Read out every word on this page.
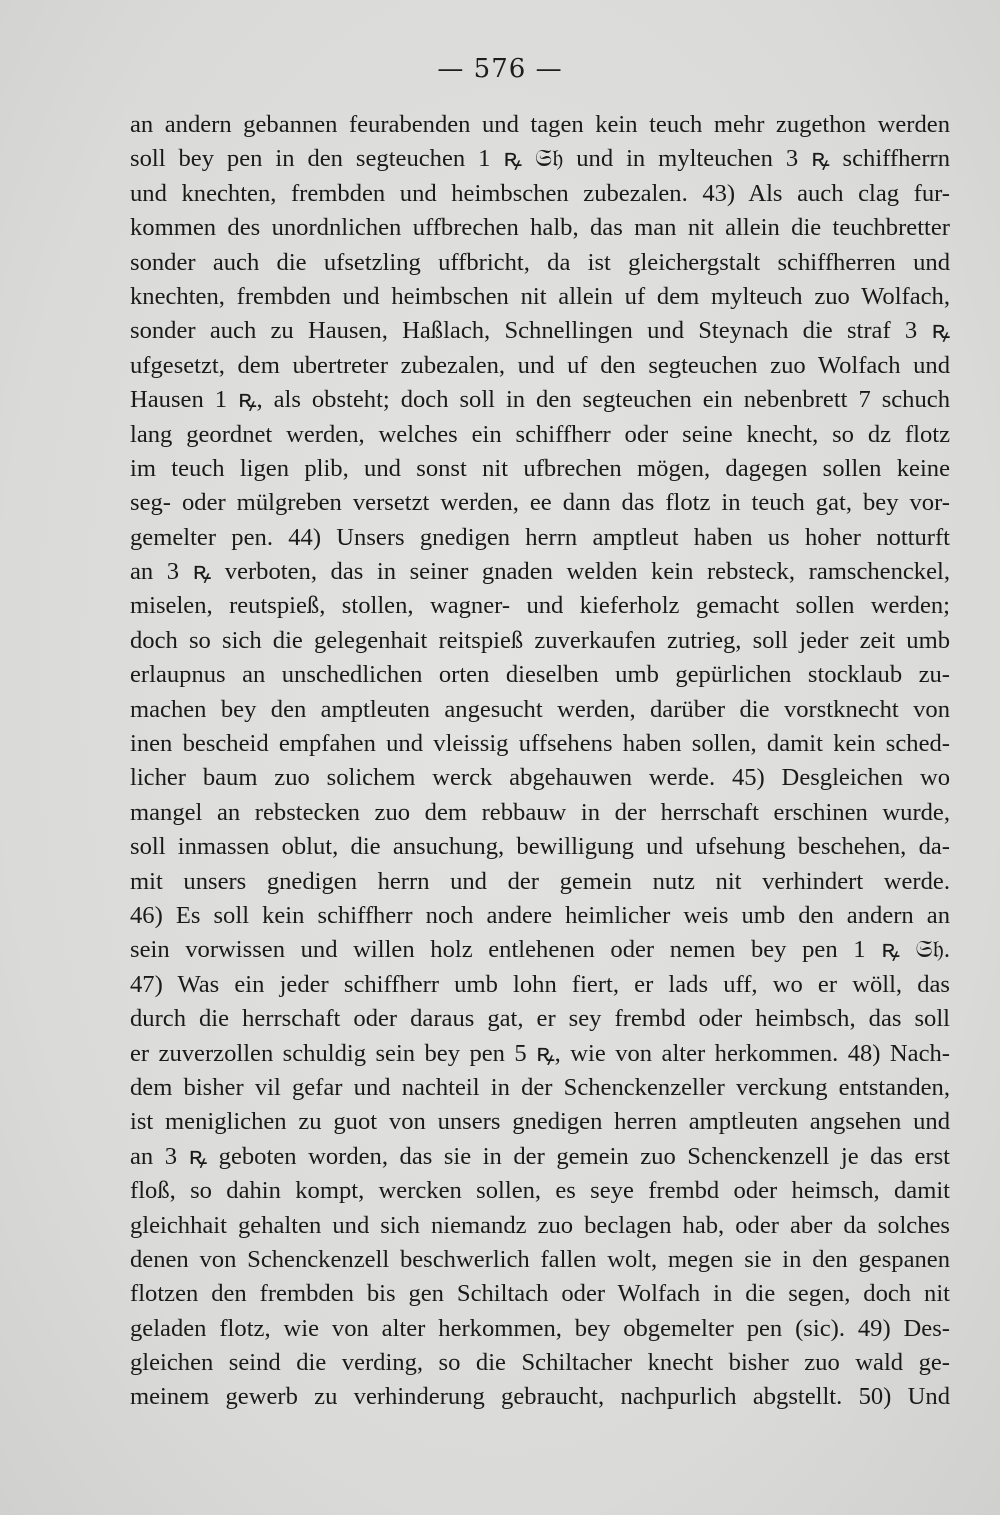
— 576 —
an andern gebannen feurabenden und tagen kein teuch mehr zugethon werden
soll bey pen in den segteuchen 1 ꝶ 𝔖𝔥 und in mylteuchen 3 ꝶ schiffherrn
und knechten, frembden und heimbschen zubezalen. 43) Als auch clag fur-
kommen des unordnlichen uffbrechen halb, das man nit allein die teuchbretter
sonder auch die ufsetzling uffbricht, da ist gleichergstalt schiffherren und
knechten, frembden und heimbschen nit allein uf dem mylteuch zuo Wolfach,
sonder auch zu Hausen, Haßlach, Schnellingen und Steynach die straf 3 ꝶ
ufgesetzt, dem ubertreter zubezalen, und uf den segteuchen zuo Wolfach und
Hausen 1 ꝶ, als obsteht; doch soll in den segteuchen ein nebenbrett 7 schuch
lang geordnet werden, welches ein schiffherr oder seine knecht, so dz flotz
im teuch ligen plib, und sonst nit ufbrechen mögen, dagegen sollen keine
seg- oder mülgreben versetzt werden, ee dann das flotz in teuch gat, bey vor-
gemelter pen. 44) Unsers gnedigen herrn amptleut haben us hoher notturft
an 3 ꝶ verboten, das in seiner gnaden welden kein rebsteck, ramschenckel,
miselen, reutspieß, stollen, wagner- und kieferholz gemacht sollen werden;
doch so sich die gelegenhait reitspieß zuverkaufen zutrieg, soll jeder zeit umb
erlaupnus an unschedlichen orten dieselben umb gepürlichen stocklaub zu-
machen bey den amptleuten angesucht werden, darüber die vorstknecht von
inen bescheid empfahen und vleissig uffsehens haben sollen, damit kein sched-
licher baum zuo solichem werck abgehauwen werde. 45) Desgleichen wo
mangel an rebstecken zuo dem rebbauw in der herrschaft erschinen wurde,
soll inmassen oblut, die ansuchung, bewilligung und ufsehung beschehen, da-
mit unsers gnedigen herrn und der gemein nutz nit verhindert werde.
46) Es soll kein schiffherr noch andere heimlicher weis umb den andern an
sein vorwissen und willen holz entlehenen oder nemen bey pen 1 ꝶ 𝔖𝔥.
47) Was ein jeder schiffherr umb lohn fiert, er lads uff, wo er wöll, das
durch die herrschaft oder daraus gat, er sey frembd oder heimbsch, das soll
er zuverzollen schuldig sein bey pen 5 ꝶ, wie von alter herkommen. 48) Nach-
dem bisher vil gefar und nachteil in der Schenckenzeller verckung entstanden,
ist meniglichen zu guot von unsers gnedigen herren amptleuten angsehen und
an 3 ꝶ geboten worden, das sie in der gemein zuo Schenckenzell je das erst
floß, so dahin kompt, wercken sollen, es seye frembd oder heimsch, damit
gleichhait gehalten und sich niemandz zuo beclagen hab, oder aber da solches
denen von Schenckenzell beschwerlich fallen wolt, megen sie in den gespanen
flotzen den frembden bis gen Schiltach oder Wolfach in die segen, doch nit
geladen flotz, wie von alter herkommen, bey obgemelter pen (sic). 49) Des-
gleichen seind die verding, so die Schiltacher knecht bisher zuo wald ge-
meinem gewerb zu verhinderung gebraucht, nachpurlich abgstellt. 50) Und
